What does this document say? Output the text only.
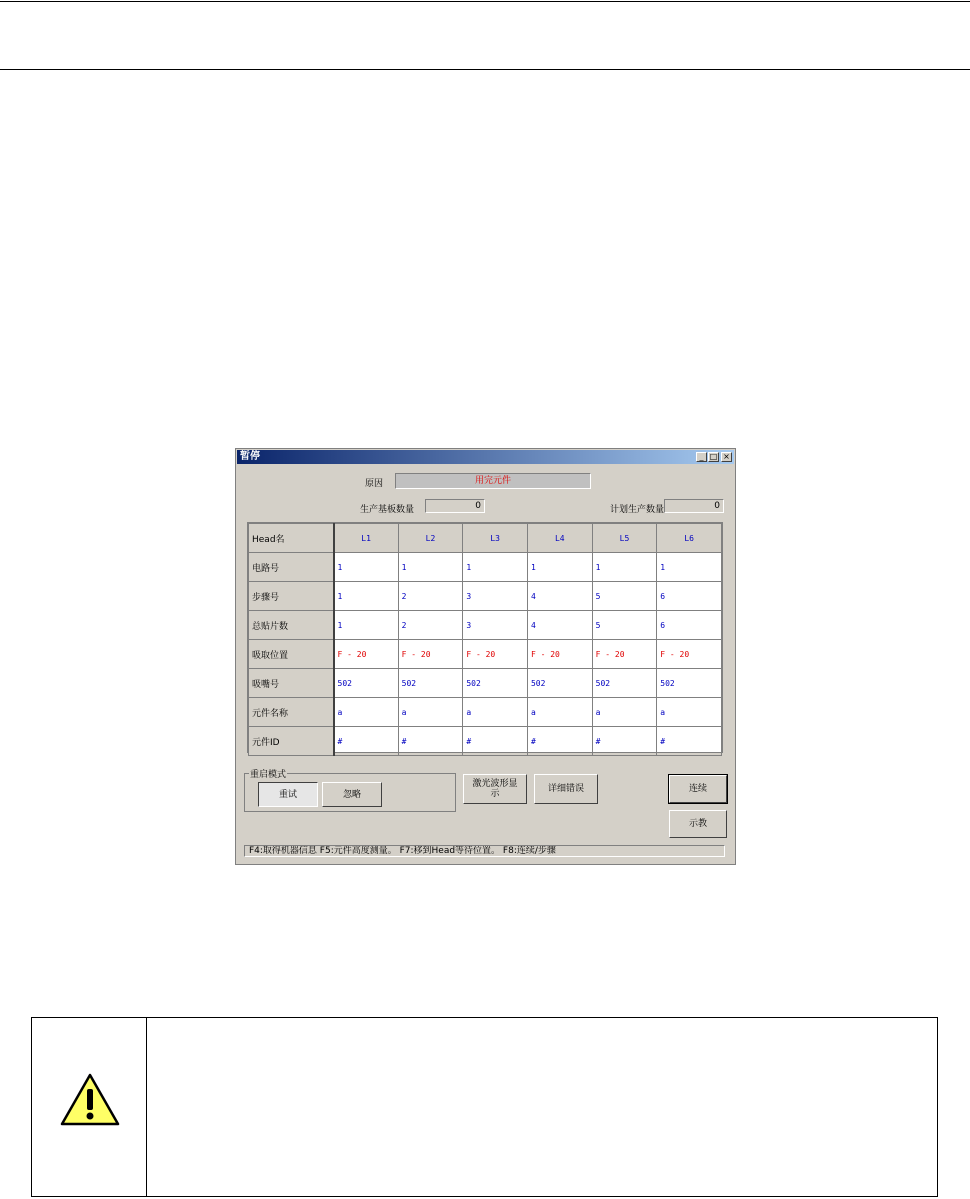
暂停	_ □ ×
原因	用完元件
生产基板数量	0	计划生产数量	0
Head名	L1	L2	L3	L4	L5	L6
电路号	1	1	1	1	1	1
步骤号	1	2	3	4	5	6
总贴片数	1	2	3	4	5	6
吸取位置	F - 20	F - 20	F - 20	F - 20	F - 20	F - 20
吸嘴号	502	502	502	502	502	502
元件名称	a	a	a	a	a	a
元件ID	#	#	#	#	#	#
重启模式
重试	忽略
激光波形显示	详细错误	连续
示教
F4:取得机器信息 F5:元件高度测量。 F7:移到Head等待位置。 F8:连续/步骤
